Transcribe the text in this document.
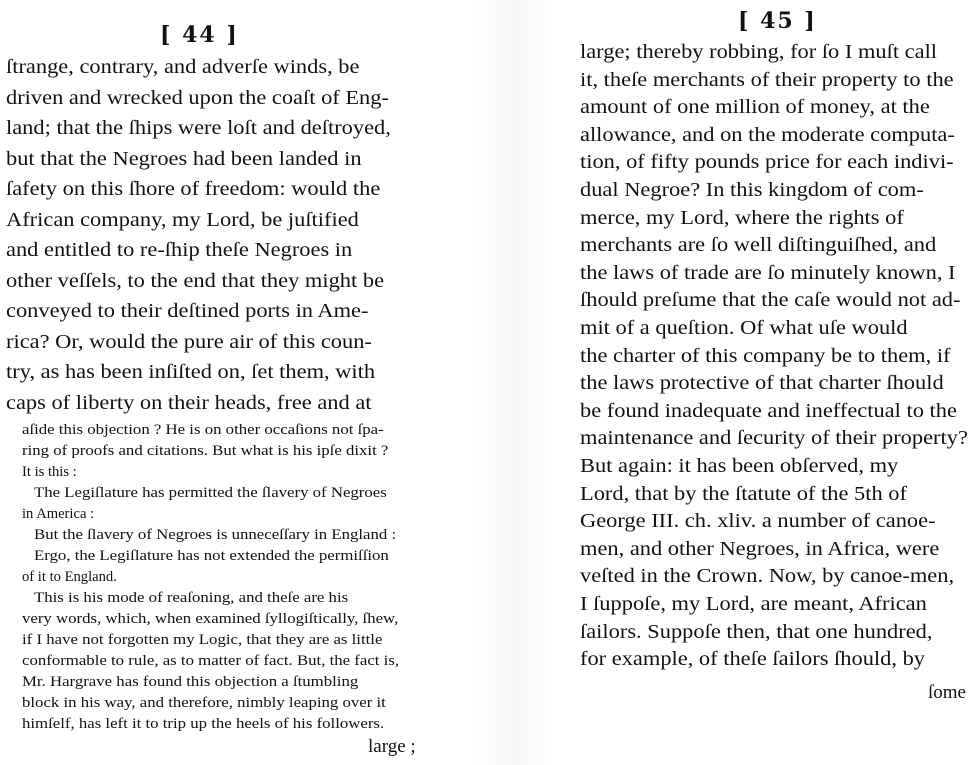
[ 44 ]
ſtrange, contrary, and adverſe winds, be
driven and wrecked upon the coaſt of Eng-
land; that the ſhips were loſt and deſtroyed,
but that the Negroes had been landed in
ſafety on this ſhore of freedom: would the
African company, my Lord, be juſtified
and entitled to re-ſhip theſe Negroes in
other veſſels, to the end that they might be
conveyed to their deſtined ports in Ame-
rica? Or, would the pure air of this coun-
try, as has been inſiſted on, ſet them, with
caps of liberty on their heads, free and at
aſide this objection ? He is on other occaſions not ſpa-
ring of proofs and citations. But what is his ipſe dixit ?
It is this :
The Legiſlature has permitted the ſlavery of Negroes
in America :
But the ſlavery of Negroes is unneceſſary in England :
Ergo, the Legiſlature has not extended the permiſſion
of it to England.
This is his mode of reaſoning, and theſe are his
very words, which, when examined ſyllogiſtically, ſhew,
if I have not forgotten my Logic, that they are as little
conformable to rule, as to matter of fact. But, the fact is,
Mr. Hargrave has found this objection a ſtumbling
block in his way, and therefore, nimbly leaping over it
himſelf, has left it to trip up the heels of his followers.
large ;
[ 45 ]
large; thereby robbing, for ſo I muſt call
it, theſe merchants of their property to the
amount of one million of money, at the
allowance, and on the moderate computa-
tion, of fifty pounds price for each indivi-
dual Negroe? In this kingdom of com-
merce, my Lord, where the rights of
merchants are ſo well diſtinguiſhed, and
the laws of trade are ſo minutely known, I
ſhould preſume that the caſe would not ad-
mit of a queſtion. Of what uſe would
the charter of this company be to them, if
the laws protective of that charter ſhould
be found inadequate and ineffectual to the
maintenance and ſecurity of their property?
But again: it has been obſerved, my
Lord, that by the ſtatute of the 5th of
George III. ch. xliv. a number of canoe-
men, and other Negroes, in Africa, were
veſted in the Crown. Now, by canoe-men,
I ſuppoſe, my Lord, are meant, African
ſailors. Suppoſe then, that one hundred,
for example, of theſe ſailors ſhould, by
ſome
